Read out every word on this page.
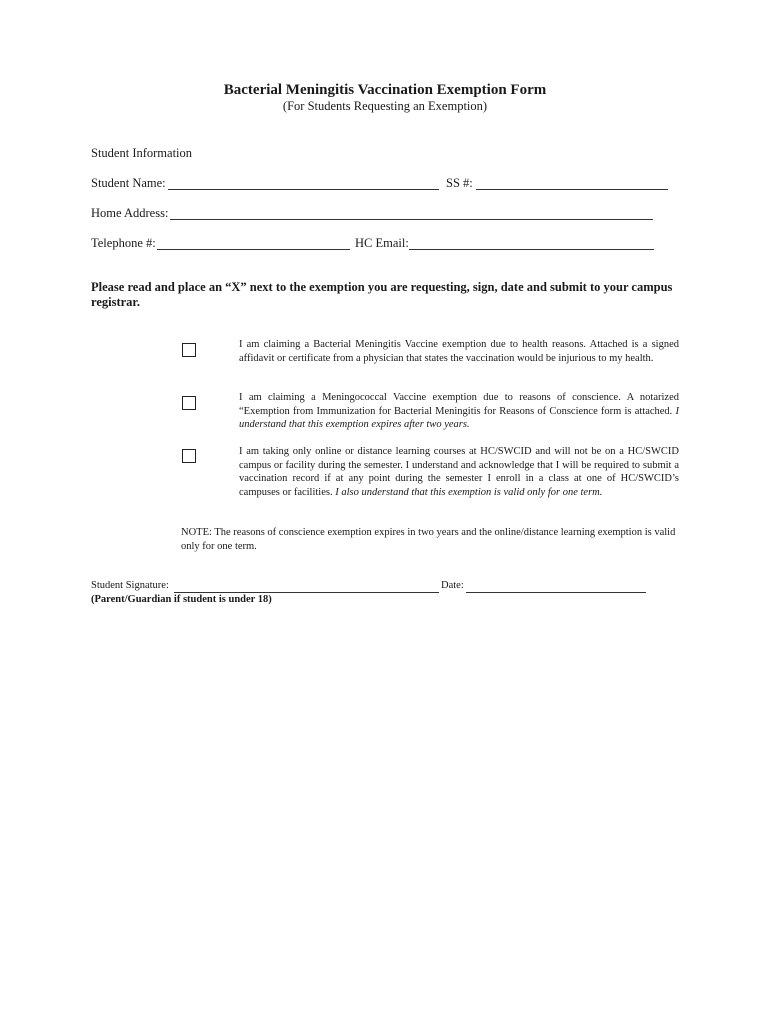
Bacterial Meningitis Vaccination Exemption Form
(For Students Requesting an Exemption)
Student Information
Student Name:	SS #:
Home Address:
Telephone #:	HC Email:
Please read and place an “X” next to the exemption you are requesting, sign, date and submit to your campus registrar.
I am claiming a Bacterial Meningitis Vaccine exemption due to health reasons. Attached is a signed affidavit or certificate from a physician that states the vaccination would be injurious to my health.
I am claiming a Meningococcal Vaccine exemption due to reasons of conscience. A notarized “Exemption from Immunization for Bacterial Meningitis for Reasons of Conscience form is attached. I understand that this exemption expires after two years.
I am taking only online or distance learning courses at HC/SWCID and will not be on a HC/SWCID campus or facility during the semester. I understand and acknowledge that I will be required to submit a vaccination record if at any point during the semester I enroll in a class at one of HC/SWCID’s campuses or facilities. I also understand that this exemption is valid only for one term.
NOTE: The reasons of conscience exemption expires in two years and the online/distance learning exemption is valid only for one term.
Student Signature:	Date:
(Parent/Guardian if student is under 18)
